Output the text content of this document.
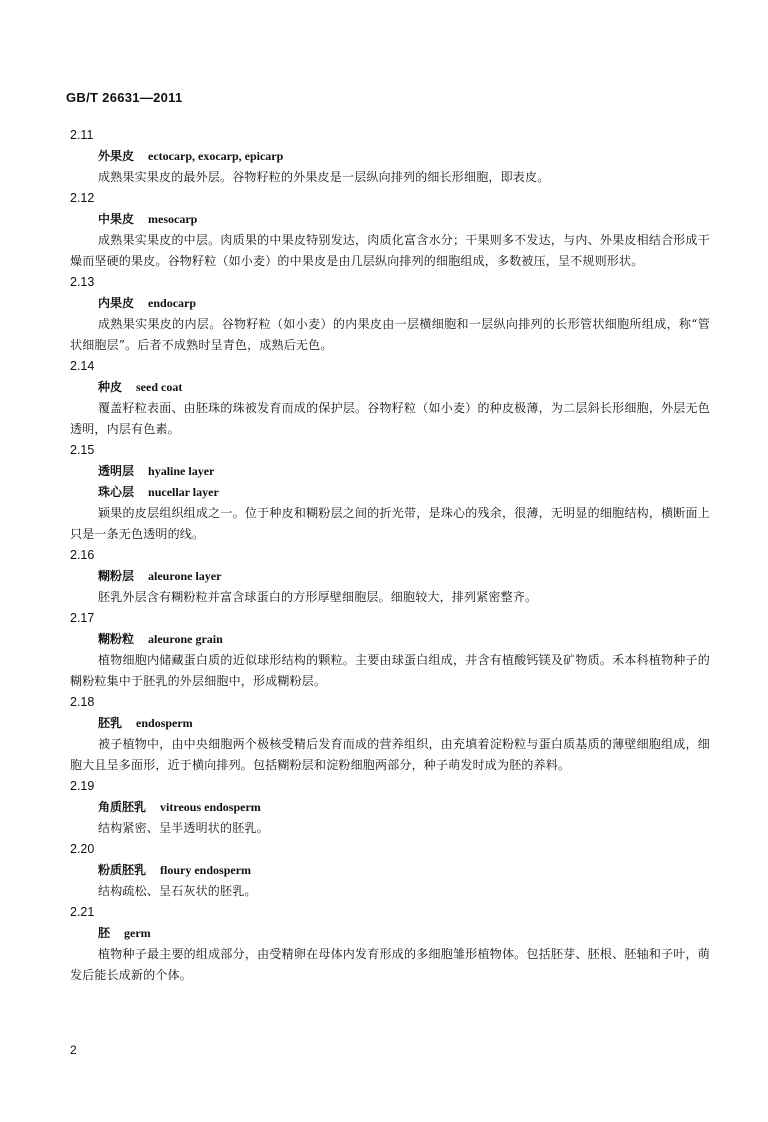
GB/T 26631—2011
2.11
外果皮 ectocarp, exocarp, epicarp

成熟果实果皮的最外层。谷物籽粒的外果皮是一层纵向排列的细长形细胞，即表皮。

2.12
中果皮 mesocarp

成熟果实果皮的中层。肉质果的中果皮特别发达，肉质化富含水分；干果则多不发达，与内、外果皮相结合形成干燥而坚硬的果皮。谷物籽粒（如小麦）的中果皮是由几层纵向排列的细胞组成，多数被压，呈不规则形状。

2.13
内果皮 endocarp

成熟果实果皮的内层。谷物籽粒（如小麦）的内果皮由一层横细胞和一层纵向排列的长形管状细胞所组成，称“管状细胞层”。后者不成熟时呈青色，成熟后无色。

2.14
种皮 seed coat

覆盖籽粒表面、由胚珠的珠被发育而成的保护层。谷物籽粒（如小麦）的种皮极薄，为二层斜长形细胞，外层无色透明，内层有色素。

2.15
透明层 hyaline layer
珠心层 nucellar layer

颖果的皮层组织组成之一。位于种皮和糊粉层之间的折光带，是珠心的残余，很薄，无明显的细胞结构，横断面上只是一条无色透明的线。

2.16
糊粉层 aleurone layer

胚乳外层含有糊粉粒并富含球蛋白的方形厚壁细胞层。细胞较大，排列紧密整齐。

2.17
糊粉粒 aleurone grain

植物细胞内储藏蛋白质的近似球形结构的颗粒。主要由球蛋白组成，并含有植酸钙镁及矿物质。禾本科植物种子的糊粉粒集中于胚乳的外层细胞中，形成糊粉层。

2.18
胚乳 endosperm

被子植物中，由中央细胞两个极核受精后发育而成的营养组织，由充填着淀粉粒与蛋白质基质的薄壁细胞组成，细胞大且呈多面形，近于横向排列。包括糊粉层和淀粉细胞两部分，种子萌发时成为胚的养料。

2.19
角质胚乳 vitreous endosperm

结构紧密、呈半透明状的胚乳。

2.20
粉质胚乳 floury endosperm

结构疏松、呈石灰状的胚乳。

2.21
胚 germ

植物种子最主要的组成部分，由受精卵在母体内发育形成的多细胞雏形植物体。包括胚芽、胚根、胚轴和子叶，萌发后能长成新的个体。

2
